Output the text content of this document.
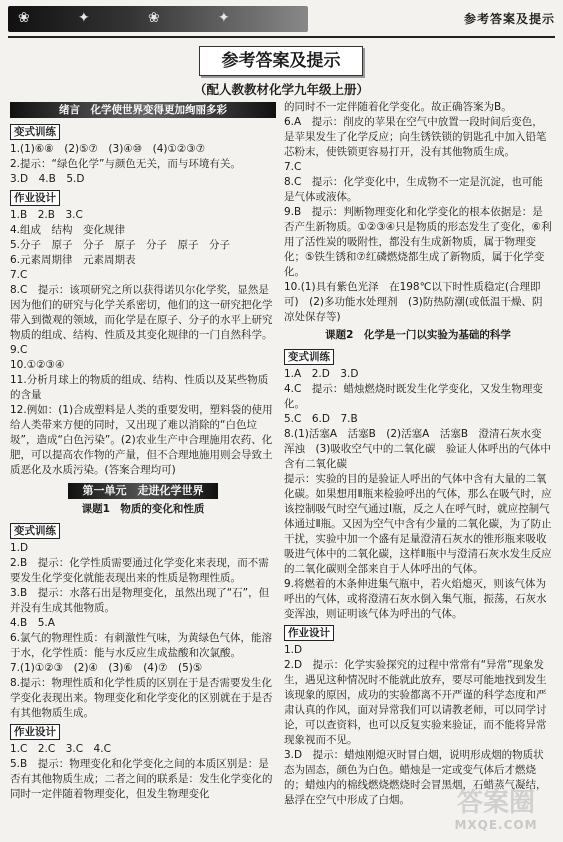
❀	✦	❀	✦	参考答案及提示
参考答案及提示
（配人教教材化学九年级上册）
绪言　化学使世界变得更加绚丽多彩
变式训练

1.(1)⑥⑧　(2)⑤⑦　(3)④⑩　(4)①②③⑦
2.提示：“绿色化学”与颜色无关，而与环境有关。
3.D　4.B　5.D

作业设计

1.B　2.B　3.C
4.组成　结构　变化规律
5.分子　原子　分子　原子　分子　原子　分子
6.元素周期律　元素周期表
7.C
8.C　提示：该项研究之所以获得诺贝尔化学奖，显然是因为他们的研究与化学关系密切，他们的这一研究把化学带入到微观的领域，而化学是在原子、分子的水平上研究物质的组成、结构、性质及其变化规律的一门自然科学。
9.C
10.①②③④
11.分析月球上的物质的组成、结构、性质以及某些物质的含量
12.例如：(1)合成塑料是人类的重要发明，塑料袋的使用给人类带来方便的同时，又出现了难以消除的“白色垃圾”，造成“白色污染”。(2)农业生产中合理施用农药、化肥，可以提高农作物的产量，但不合理地施用则会导致土质恶化及水质污染。(答案合理均可)

第一单元　走进化学世界
课题1　物质的变化和性质
变式训练

1.D
2.B　提示：化学性质需要通过化学变化来表现，而不需要发生化学变化就能表现出来的性质是物理性质。
3.B　提示：水落石出是物理变化，虽然出现了“石”，但并没有生成其他物质。
4.B　5.A
6.氯气的物理性质：有刺激性气味，为黄绿色气体，能溶于水，化学性质：能与水反应生成盐酸和次氯酸。
7.(1)①②③　(2)④　(3)⑥　(4)⑦　(5)⑤
8.提示：物理性质和化学性质的区别在于是否需要发生化学变化表现出来。物理变化和化学变化的区别就在于是否有其他物质生成。

作业设计

1.C　2.C　3.C　4.C
5.B　提示：物理变化和化学变化之间的本质区别是：是否有其他物质生成；二者之间的联系是：发生化学变化的同时一定伴随着物理变化，但发生物理变化

的同时不一定伴随着化学变化。故正确答案为B。
6.A　提示：削皮的苹果在空气中放置一段时间后变色，是苹果发生了化学反应；向生锈铁锁的钥匙孔中加入铅笔芯粉末，使铁锁更容易打开，没有其他物质生成。
7.C
8.C　提示：化学变化中，生成物不一定是沉淀，也可能是气体或液体。
9.B　提示：判断物理变化和化学变化的根本依据是：是否产生新物质。①②③④只是物质的形态发生了变化，⑥利用了活性炭的吸附性，都没有生成新物质，属于物理变化；⑤铁生锈和⑦红磷燃烧都生成了新物质，属于化学变化。
10.(1)具有紫色光泽　在198℃以下时性质稳定(合理即可)　(2)多功能水处理剂　(3)防热防潮(或低温干燥、阴凉处保存等)

课题2　化学是一门以实验为基础的科学
变式训练

1.A　2.D　3.D
4.C　提示：蜡烛燃烧时既发生化学变化，又发生物理变化。
5.C　6.D　7.B
8.(1)活塞A　活塞B　(2)活塞A　活塞B　澄清石灰水变浑浊　(3)吸收空气中的二氧化碳　验证人体呼出的气体中含有二氧化碳
提示：实验的目的是验证人呼出的气体中含有大量的二氧化碳。如果想用Ⅱ瓶来检验呼出的气体，那么在吸气时，应该控制吸气时空气通过Ⅰ瓶，反之人在呼气时，就应控制气体通过Ⅱ瓶。又因为空气中含有少量的二氧化碳，为了防止干扰，实验中加一个盛有足量澄清石灰水的锥形瓶来吸收吸进气体中的二氧化碳，这样Ⅱ瓶中与澄清石灰水发生反应的二氧化碳则全部来自于人体呼出的气体。
9.将燃着的木条伸进集气瓶中，若火焰熄灭，则该气体为呼出的气体，或将澄清石灰水倒入集气瓶，振荡，石灰水变浑浊，则证明该气体为呼出的气体。

作业设计

1.D
2.D　提示：化学实验探究的过程中常常有“异常”现象发生，遇见这种情况时不能就此放弃，要尽可能地找到发生该现象的原因，成功的实验都离不开严谨的科学态度和严肃认真的作风，面对异常我们可以请教老师，可以同学讨论，可以查资料，也可以反复实验来验证，而不能将异常现象视而不见。
3.D　提示：蜡烛刚熄灭时冒白烟，说明形成烟的物质状态为固态，颜色为白色。蜡烛是一定或变气体后才燃烧的；蜡烛内的棉线燃烧燃烧时会冒黑烟，石蜡蒸气凝结，悬浮在空气中形成了白烟。	答案圈
MXQE.COM
